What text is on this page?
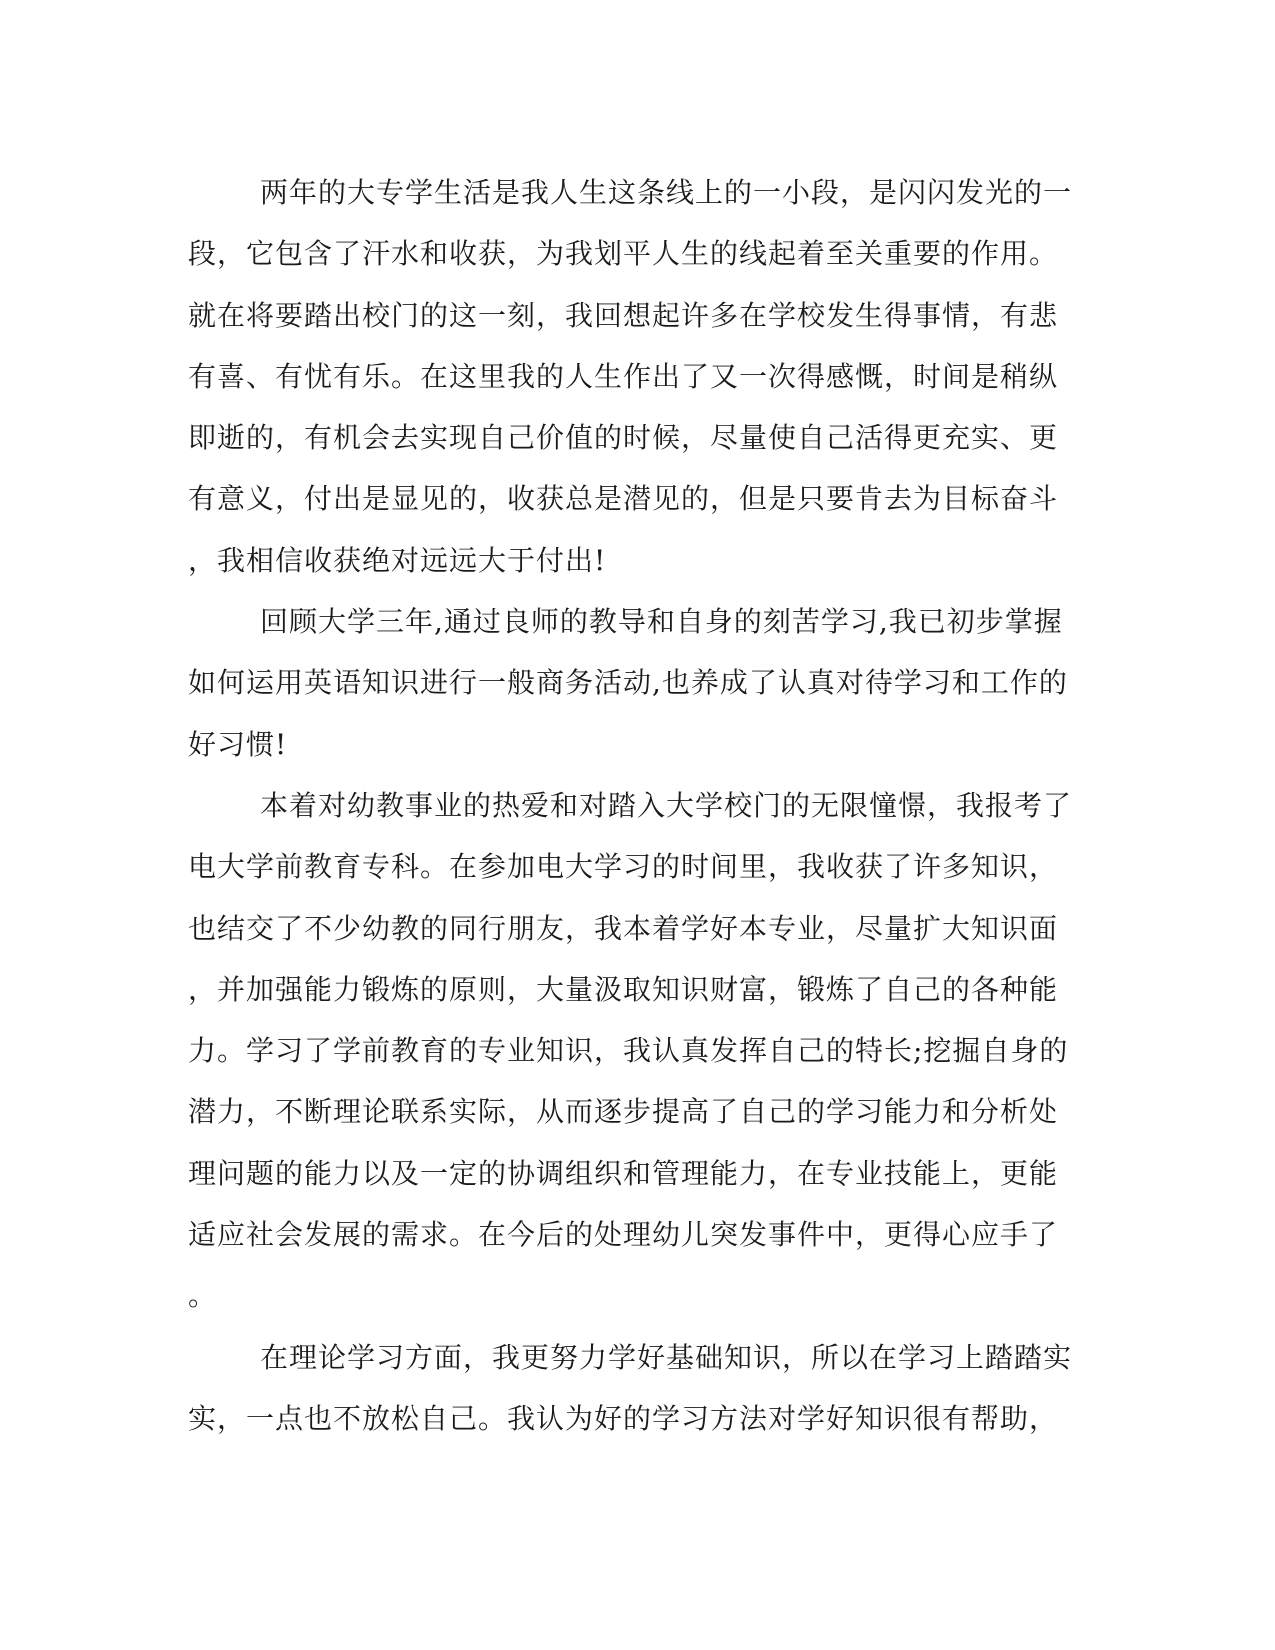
两年的大专学生活是我人生这条线上的一小段，是闪闪发光的一
段，它包含了汗水和收获，为我划平人生的线起着至关重要的作用。
就在将要踏出校门的这一刻，我回想起许多在学校发生得事情，有悲
有喜、有忧有乐。在这里我的人生作出了又一次得感慨，时间是稍纵
即逝的，有机会去实现自己价值的时候，尽量使自己活得更充实、更
有意义，付出是显见的，收获总是潜见的，但是只要肯去为目标奋斗
，我相信收获绝对远远大于付出!
回顾大学三年,通过良师的教导和自身的刻苦学习,我已初步掌握
如何运用英语知识进行一般商务活动,也养成了认真对待学习和工作的
好习惯!
本着对幼教事业的热爱和对踏入大学校门的无限憧憬，我报考了
电大学前教育专科。在参加电大学习的时间里，我收获了许多知识，
也结交了不少幼教的同行朋友，我本着学好本专业，尽量扩大知识面
，并加强能力锻炼的原则，大量汲取知识财富，锻炼了自己的各种能
力。学习了学前教育的专业知识，我认真发挥自己的特长;挖掘自身的
潜力，不断理论联系实际，从而逐步提高了自己的学习能力和分析处
理问题的能力以及一定的协调组织和管理能力，在专业技能上，更能
适应社会发展的需求。在今后的处理幼儿突发事件中，更得心应手了
。
在理论学习方面，我更努力学好基础知识，所以在学习上踏踏实
实，一点也不放松自己。我认为好的学习方法对学好知识很有帮助，
